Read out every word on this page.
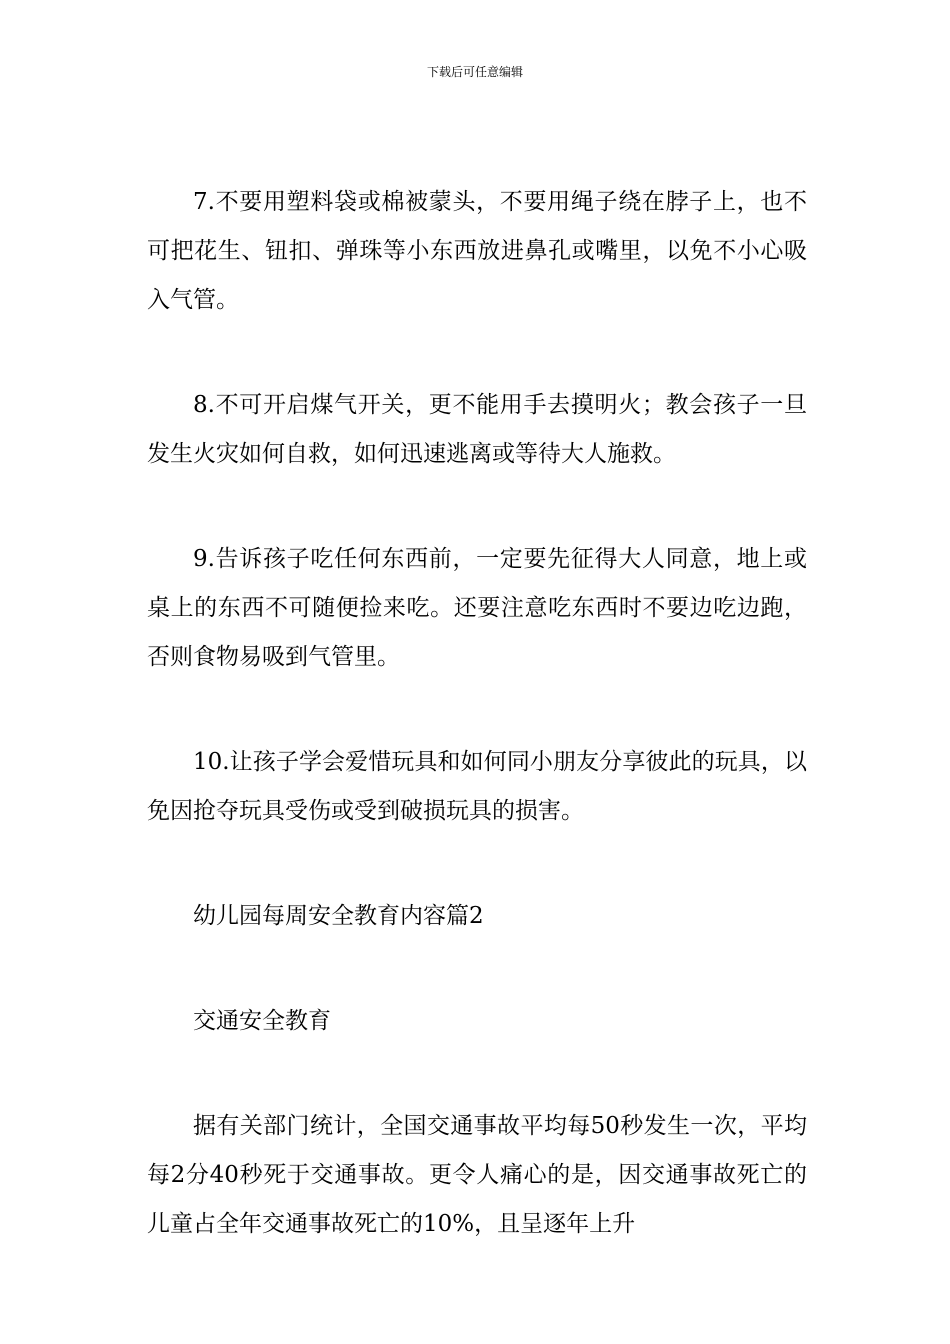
下载后可任意编辑

7.不要用塑料袋或棉被蒙头，不要用绳子绕在脖子上，也不可把花生、钮扣、弹珠等小东西放进鼻孔或嘴里，以免不小心吸入气管。

8.不可开启煤气开关，更不能用手去摸明火；教会孩子一旦发生火灾如何自救，如何迅速逃离或等待大人施救。

9.告诉孩子吃任何东西前，一定要先征得大人同意，地上或桌上的东西不可随便捡来吃。还要注意吃东西时不要边吃边跑，否则食物易吸到气管里。

10.让孩子学会爱惜玩具和如何同小朋友分享彼此的玩具，以免因抢夺玩具受伤或受到破损玩具的损害。

幼儿园每周安全教育内容篇2

交通安全教育

据有关部门统计，全国交通事故平均每50秒发生一次，平均每2分40秒死于交通事故。更令人痛心的是，因交通事故死亡的儿童占全年交通事故死亡的10%，且呈逐年上升
